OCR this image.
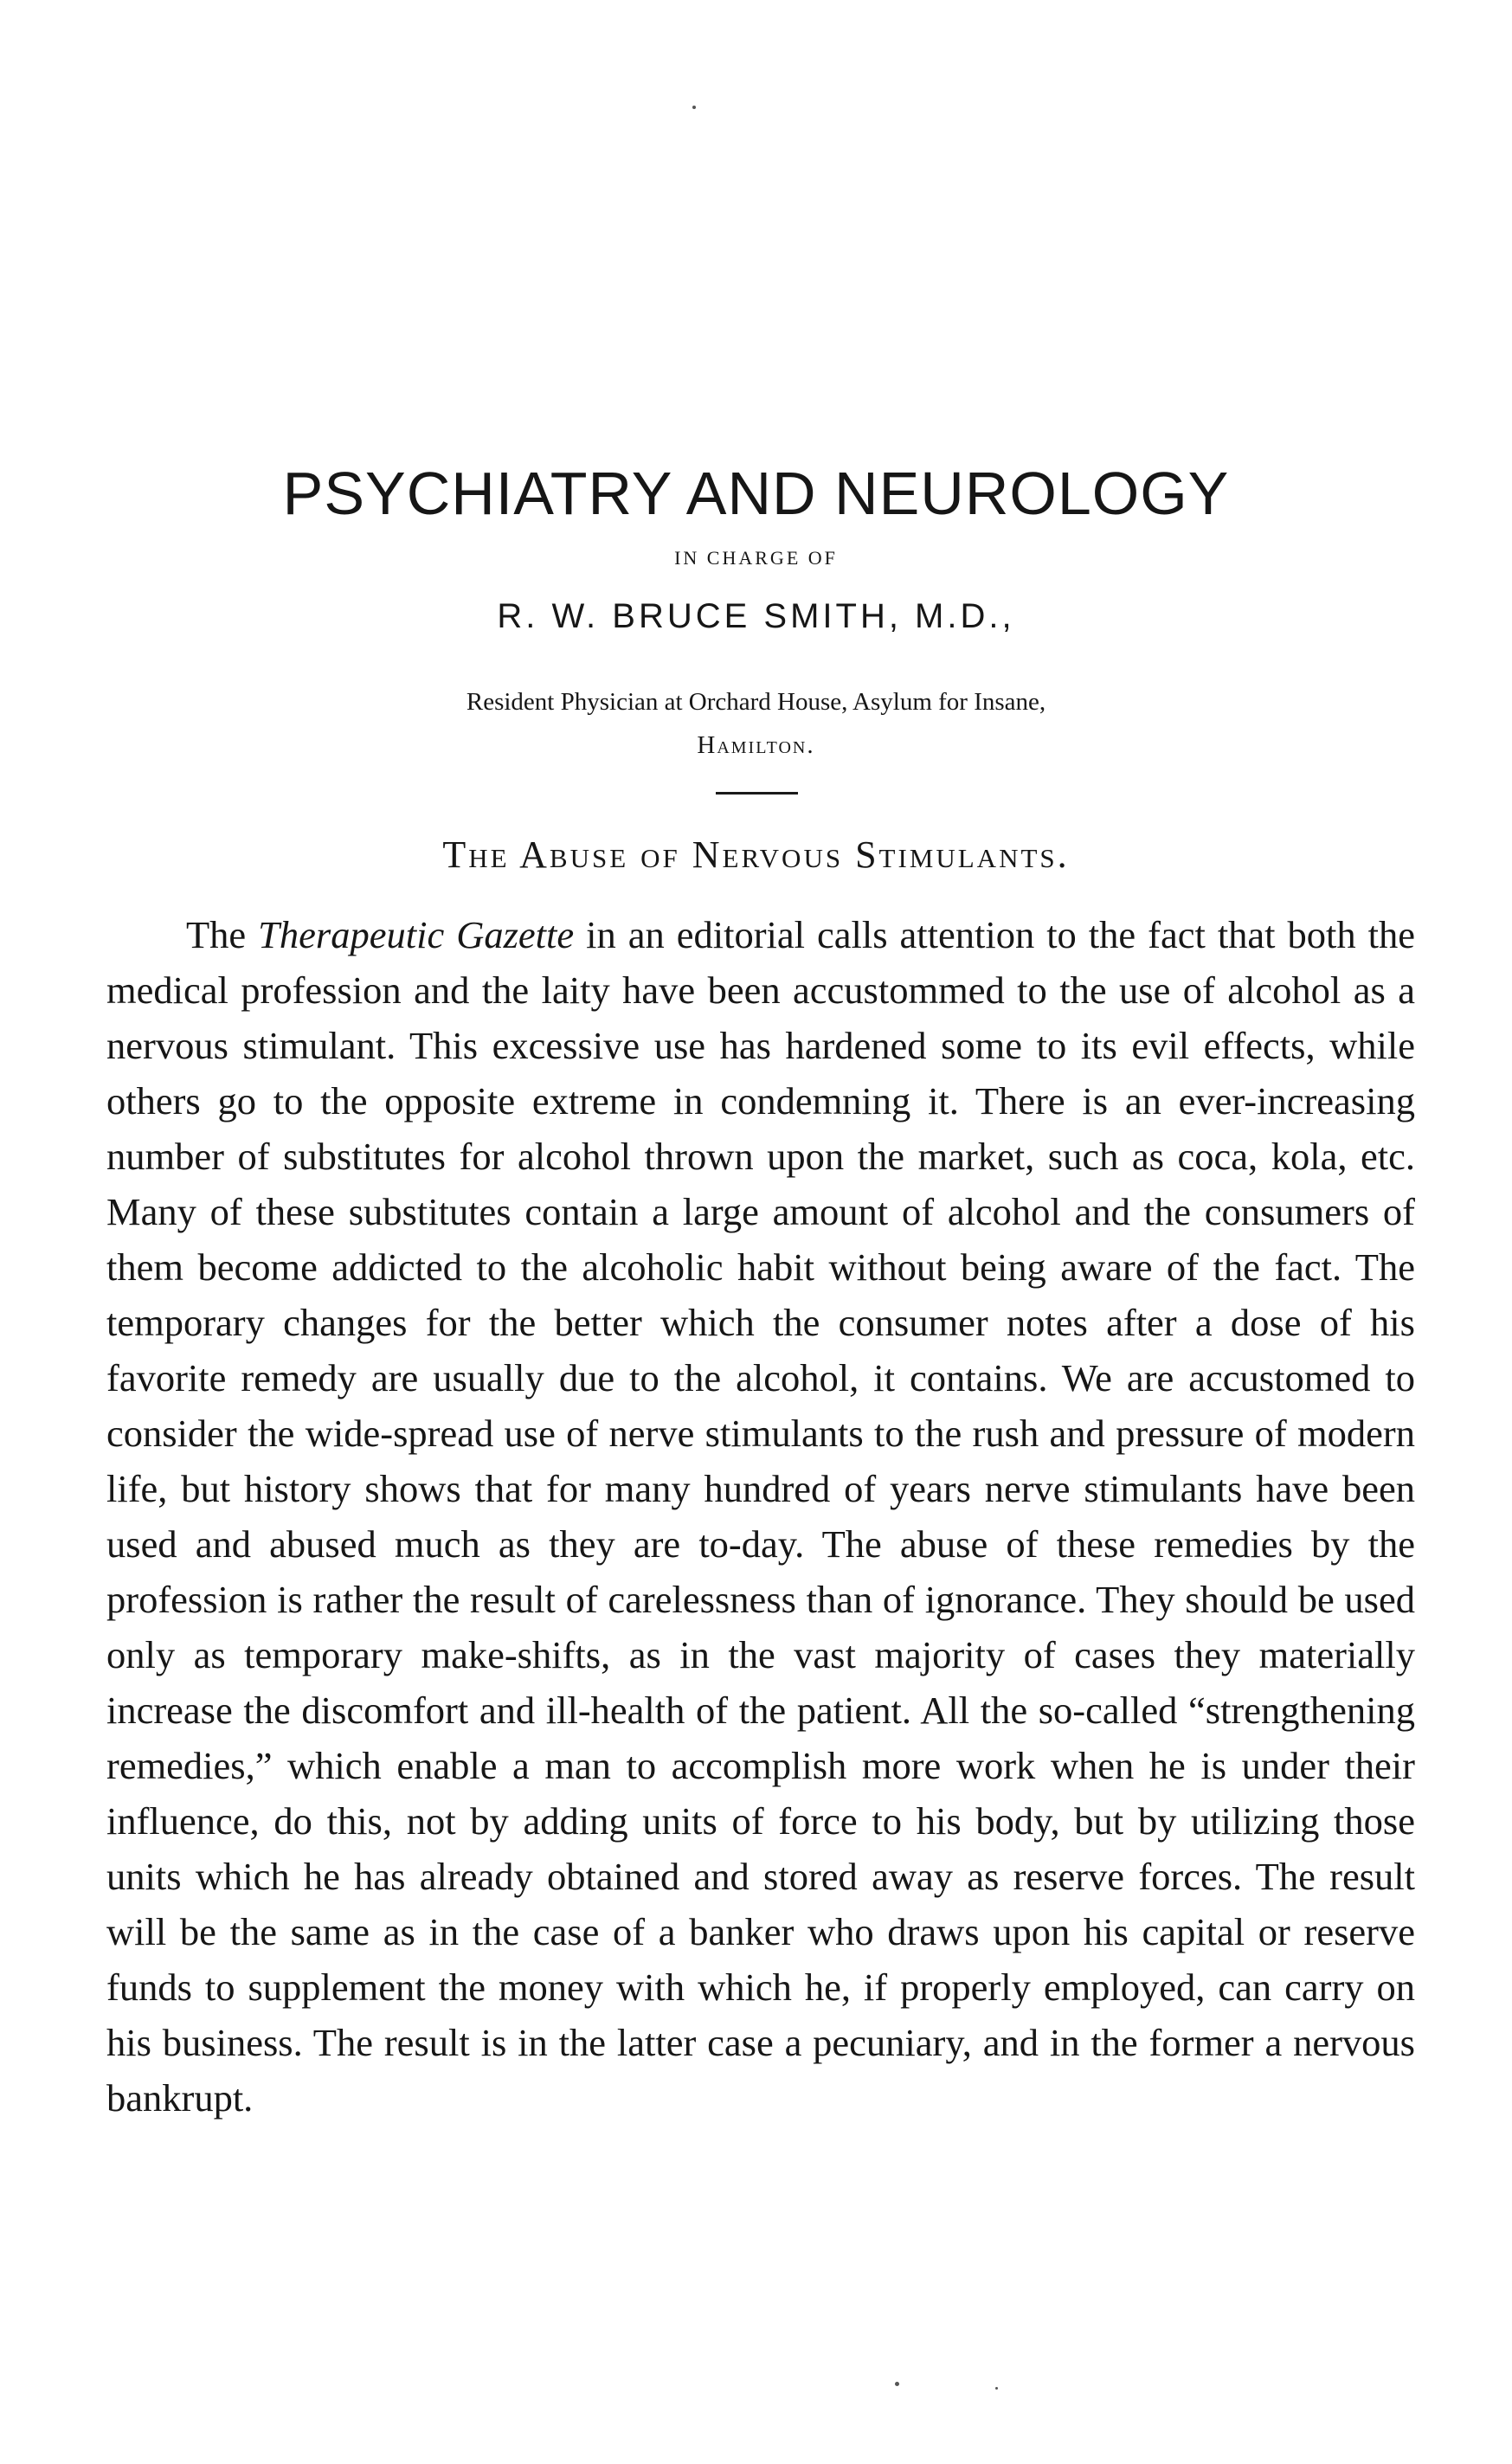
PSYCHIATRY AND NEUROLOGY
IN CHARGE OF
R. W. BRUCE SMITH, M.D.,
Resident Physician at Orchard House, Asylum for Insane,
Hamilton.
The Abuse of Nervous Stimulants.

The Therapeutic Gazette in an editorial calls attention to the fact that both the medical profession and the laity have been accustommed to the use of alcohol as a nervous stimulant. This excessive use has hardened some to its evil effects, while others go to the opposite extreme in condemning it. There is an ever-increasing number of substitutes for alcohol thrown upon the market, such as coca, kola, etc. Many of these substitutes contain a large amount of alcohol and the consumers of them become addicted to the alcoholic habit without being aware of the fact. The temporary changes for the better which the consumer notes after a dose of his favorite remedy are usually due to the alcohol, it contains. We are accustomed to consider the wide-spread use of nerve stimulants to the rush and pressure of modern life, but history shows that for many hundred of years nerve stimulants have been used and abused much as they are to-day. The abuse of these remedies by the profession is rather the result of carelessness than of ignorance. They should be used only as temporary make-shifts, as in the vast majority of cases they materially increase the discomfort and ill-health of the patient. All the so-called “strengthening remedies,” which enable a man to accomplish more work when he is under their influence, do this, not by adding units of force to his body, but by utilizing those units which he has already obtained and stored away as reserve forces. The result will be the same as in the case of a banker who draws upon his capital or reserve funds to supplement the money with which he, if properly employed, can carry on his business. The result is in the latter case a pecuniary, and in the former a nervous bankrupt.
